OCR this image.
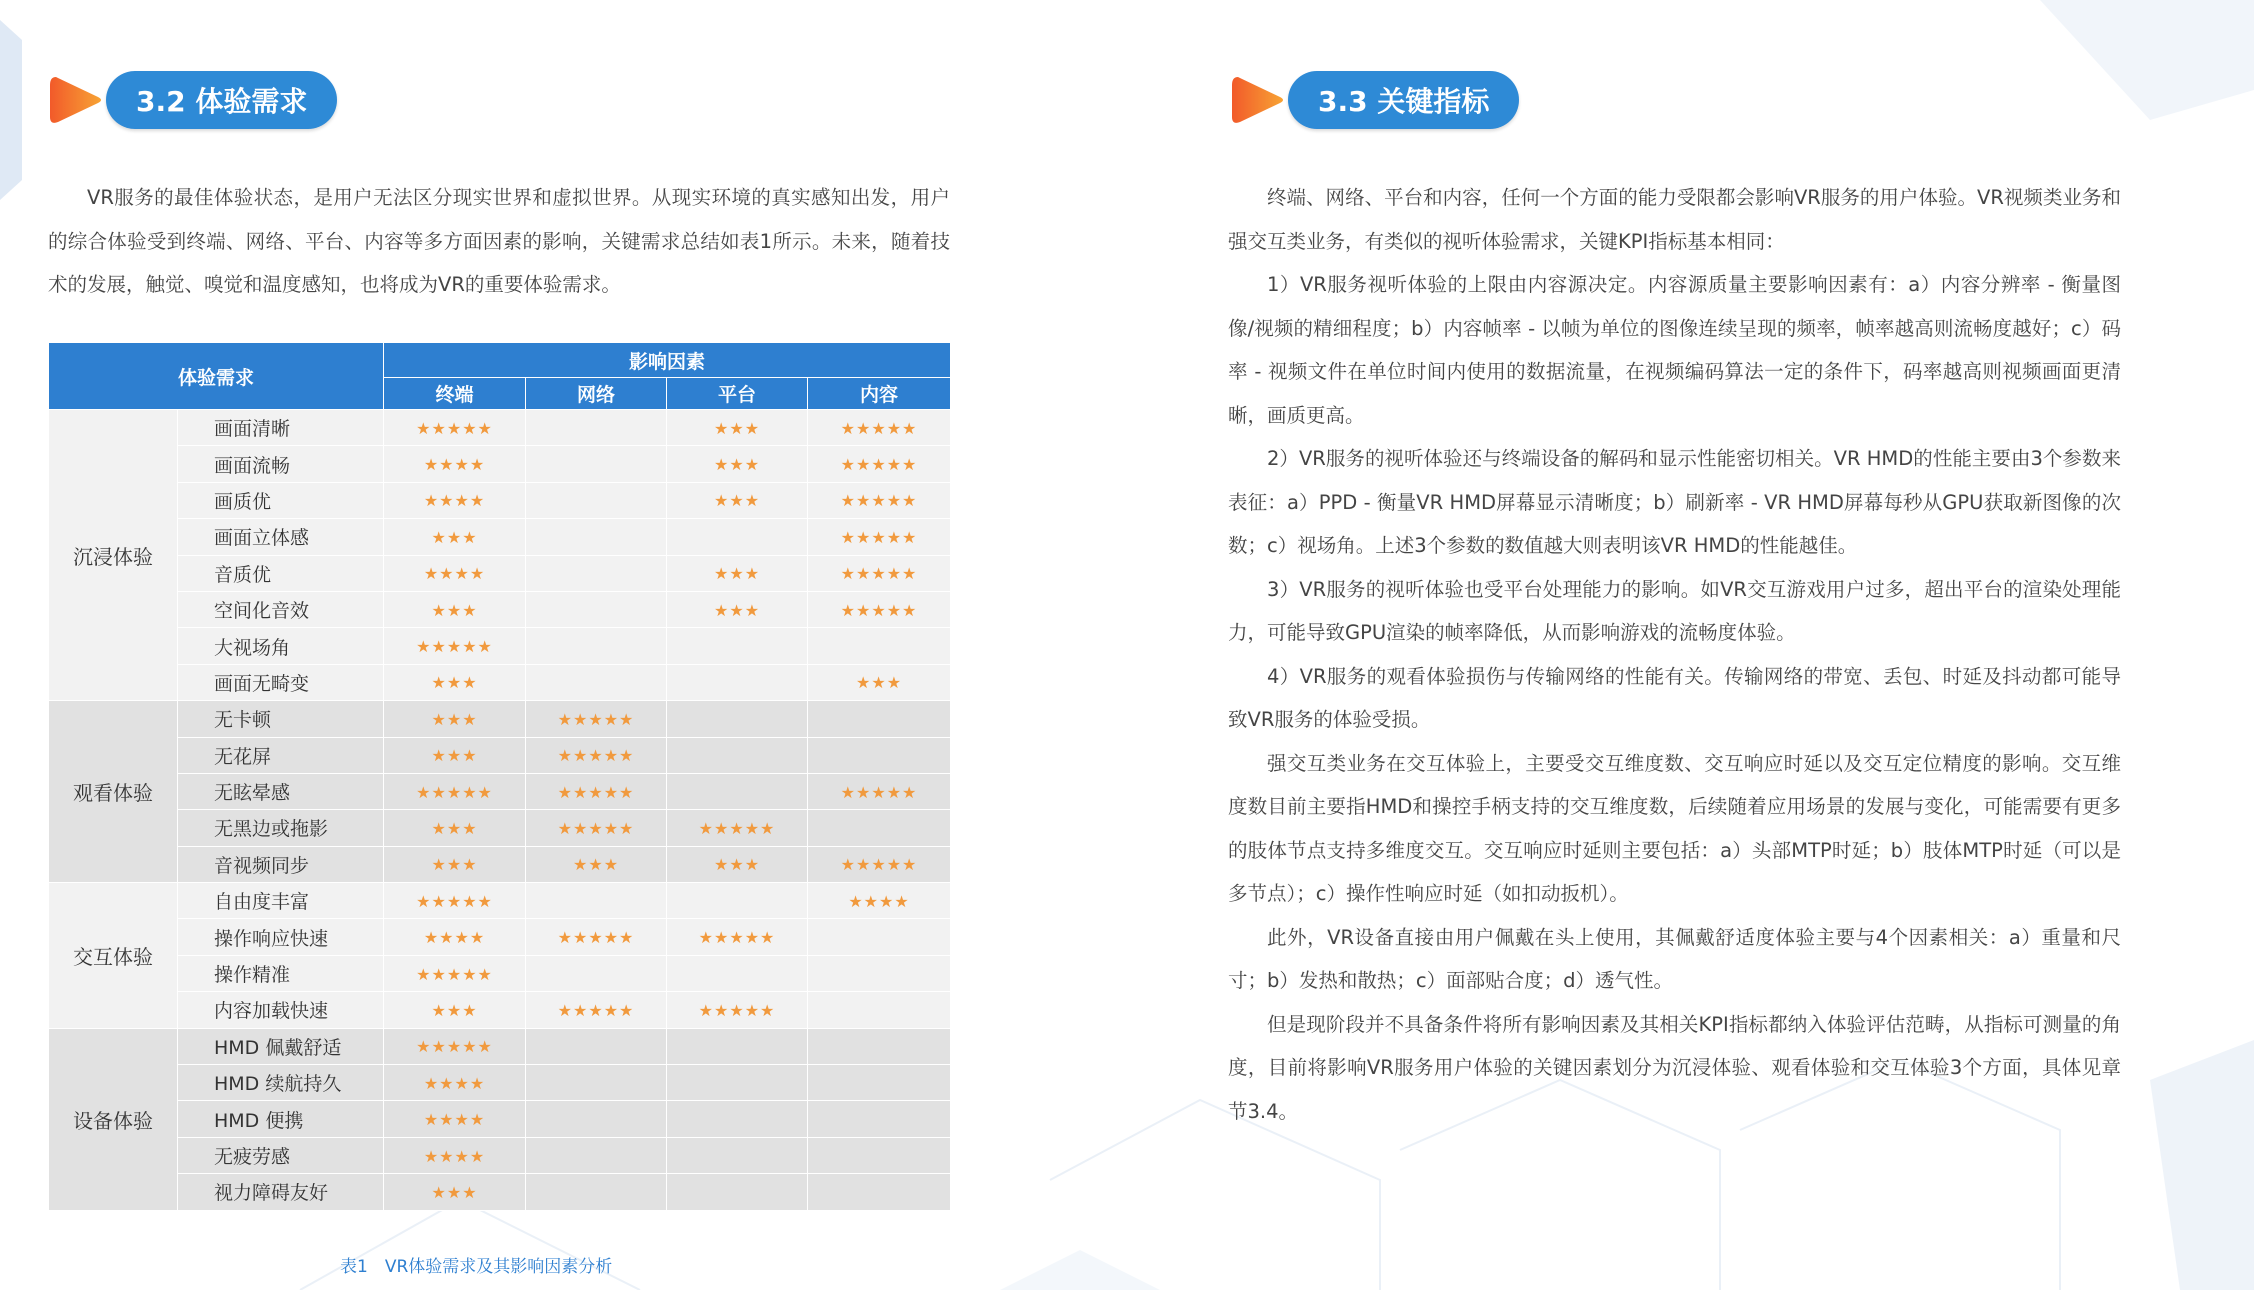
3.2 体验需求

VR服务的最佳体验状态，是用户无法区分现实世界和虚拟世界。从现实环境的真实感知出发，用户的综合体验受到终端、网络、平台、内容等多方面因素的影响，关键需求总结如表1所示。未来，随着技术的发展，触觉、嗅觉和温度感知，也将成为VR的重要体验需求。

体验需求		影响因素			
		终端	网络	平台	内容
沉浸体验	画面清晰	★★★★★		★★★	★★★★★
	画面流畅	★★★★		★★★	★★★★★
	画质优	★★★★		★★★	★★★★★
	画面立体感	★★★			★★★★★
	音质优	★★★★		★★★	★★★★★
	空间化音效	★★★		★★★	★★★★★
	大视场角	★★★★★			
	画面无畸变	★★★			★★★
观看体验	无卡顿	★★★	★★★★★		
	无花屏	★★★	★★★★★		
	无眩晕感	★★★★★	★★★★★		★★★★★
	无黑边或拖影	★★★	★★★★★	★★★★★	
	音视频同步	★★★	★★★	★★★	★★★★★
交互体验	自由度丰富	★★★★★			★★★★
	操作响应快速	★★★★	★★★★★	★★★★★	
	操作精准	★★★★★			
	内容加载快速	★★★	★★★★★	★★★★★	
设备体验	HMD 佩戴舒适	★★★★★			
	HMD 续航持久	★★★★			
	HMD 便携	★★★★			
	无疲劳感	★★★★			
	视力障碍友好	★★★			
表1　VR体验需求及其影响因素分析
3.3 关键指标

终端、网络、平台和内容，任何一个方面的能力受限都会影响VR服务的用户体验。VR视频类业务和强交互类业务，有类似的视听体验需求，关键KPI指标基本相同：

1）VR服务视听体验的上限由内容源决定。内容源质量主要影响因素有：a）内容分辨率 - 衡量图像/视频的精细程度；b）内容帧率 - 以帧为单位的图像连续呈现的频率，帧率越高则流畅度越好；c）码率 - 视频文件在单位时间内使用的数据流量，在视频编码算法一定的条件下，码率越高则视频画面更清晰，画质更高。

2）VR服务的视听体验还与终端设备的解码和显示性能密切相关。VR HMD的性能主要由3个参数来表征：a）PPD - 衡量VR HMD屏幕显示清晰度；b）刷新率 - VR HMD屏幕每秒从GPU获取新图像的次数；c）视场角。上述3个参数的数值越大则表明该VR HMD的性能越佳。

3）VR服务的视听体验也受平台处理能力的影响。如VR交互游戏用户过多，超出平台的渲染处理能力，可能导致GPU渲染的帧率降低，从而影响游戏的流畅度体验。

4）VR服务的观看体验损伤与传输网络的性能有关。传输网络的带宽、丢包、时延及抖动都可能导致VR服务的体验受损。

强交互类业务在交互体验上，主要受交互维度数、交互响应时延以及交互定位精度的影响。交互维度数目前主要指HMD和操控手柄支持的交互维度数，后续随着应用场景的发展与变化，可能需要有更多的肢体节点支持多维度交互。交互响应时延则主要包括：a）头部MTP时延；b）肢体MTP时延（可以是多节点）；c）操作性响应时延（如扣动扳机）。

此外，VR设备直接由用户佩戴在头上使用，其佩戴舒适度体验主要与4个因素相关：a）重量和尺寸；b）发热和散热；c）面部贴合度；d）透气性。

但是现阶段并不具备条件将所有影响因素及其相关KPI指标都纳入体验评估范畴，从指标可测量的角度，目前将影响VR服务用户体验的关键因素划分为沉浸体验、观看体验和交互体验3个方面，具体见章节3.4。
